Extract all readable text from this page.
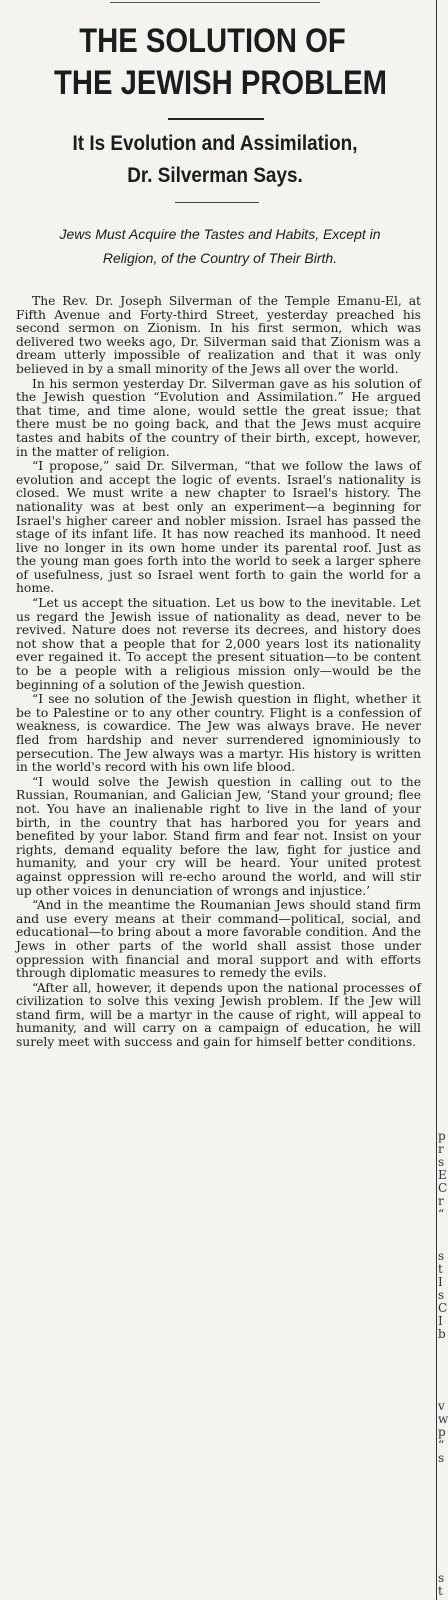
p
r
s
E
C
r
“
s
t
I
s
C
I
b
v
w
p
“
s
s
t
THE SOLUTION OF
THE JEWISH PROBLEM
It Is Evolution and Assimilation,
Dr. Silverman Says.
Jews Must Acquire the Tastes and Habits, Except in Religion, of the Country of Their Birth.

The Rev. Dr. Joseph Silverman of the Temple Emanu-El, at Fifth Avenue and Forty-third Street, yesterday preached his second sermon on Zionism. In his first sermon, which was delivered two weeks ago, Dr. Silverman said that Zionism was a dream utterly impossible of realization and that it was only believed in by a small minority of the Jews all over the world.

In his sermon yesterday Dr. Silverman gave as his solution of the Jewish question “Evolution and Assimilation.” He argued that time, and time alone, would settle the great issue; that there must be no going back, and that the Jews must acquire tastes and habits of the country of their birth, except, however, in the matter of religion.

“I propose,” said Dr. Silverman, “that we follow the laws of evolution and accept the logic of events. Israel's nationality is closed. We must write a new chapter to Israel's history. The nationality was at best only an experiment—a beginning for Israel's higher career and nobler mission. Israel has passed the stage of its infant life. It has now reached its manhood. It need live no longer in its own home under its parental roof. Just as the young man goes forth into the world to seek a larger sphere of usefulness, just so Israel went forth to gain the world for a home.

“Let us accept the situation. Let us bow to the inevitable. Let us regard the Jewish issue of nationality as dead, never to be revived. Nature does not reverse its decrees, and history does not show that a people that for 2,000 years lost its nationality ever regained it. To accept the present situation—to be content to be a people with a religious mission only—would be the beginning of a solution of the Jewish question.

“I see no solution of the Jewish question in flight, whether it be to Palestine or to any other country. Flight is a confession of weakness, is cowardice. The Jew was always brave. He never fled from hardship and never surrendered ignominiously to persecution. The Jew always was a martyr. His history is written in the world's record with his own life blood.

“I would solve the Jewish question in calling out to the Russian, Roumanian, and Galician Jew, ‘Stand your ground; flee not. You have an inalienable right to live in the land of your birth, in the country that has harbored you for years and benefited by your labor. Stand firm and fear not. Insist on your rights, demand equality before the law, fight for justice and humanity, and your cry will be heard. Your united protest against oppression will re-echo around the world, and will stir up other voices in denunciation of wrongs and injustice.’

“And in the meantime the Roumanian Jews should stand firm and use every means at their command—political, social, and educational—to bring about a more favorable condition. And the Jews in other parts of the world shall assist those under oppression with financial and moral support and with efforts through diplomatic measures to remedy the evils.

“After all, however, it depends upon the national processes of civilization to solve this vexing Jewish problem. If the Jew will stand firm, will be a martyr in the cause of right, will appeal to humanity, and will carry on a campaign of education, he will surely meet with success and gain for himself better conditions.
